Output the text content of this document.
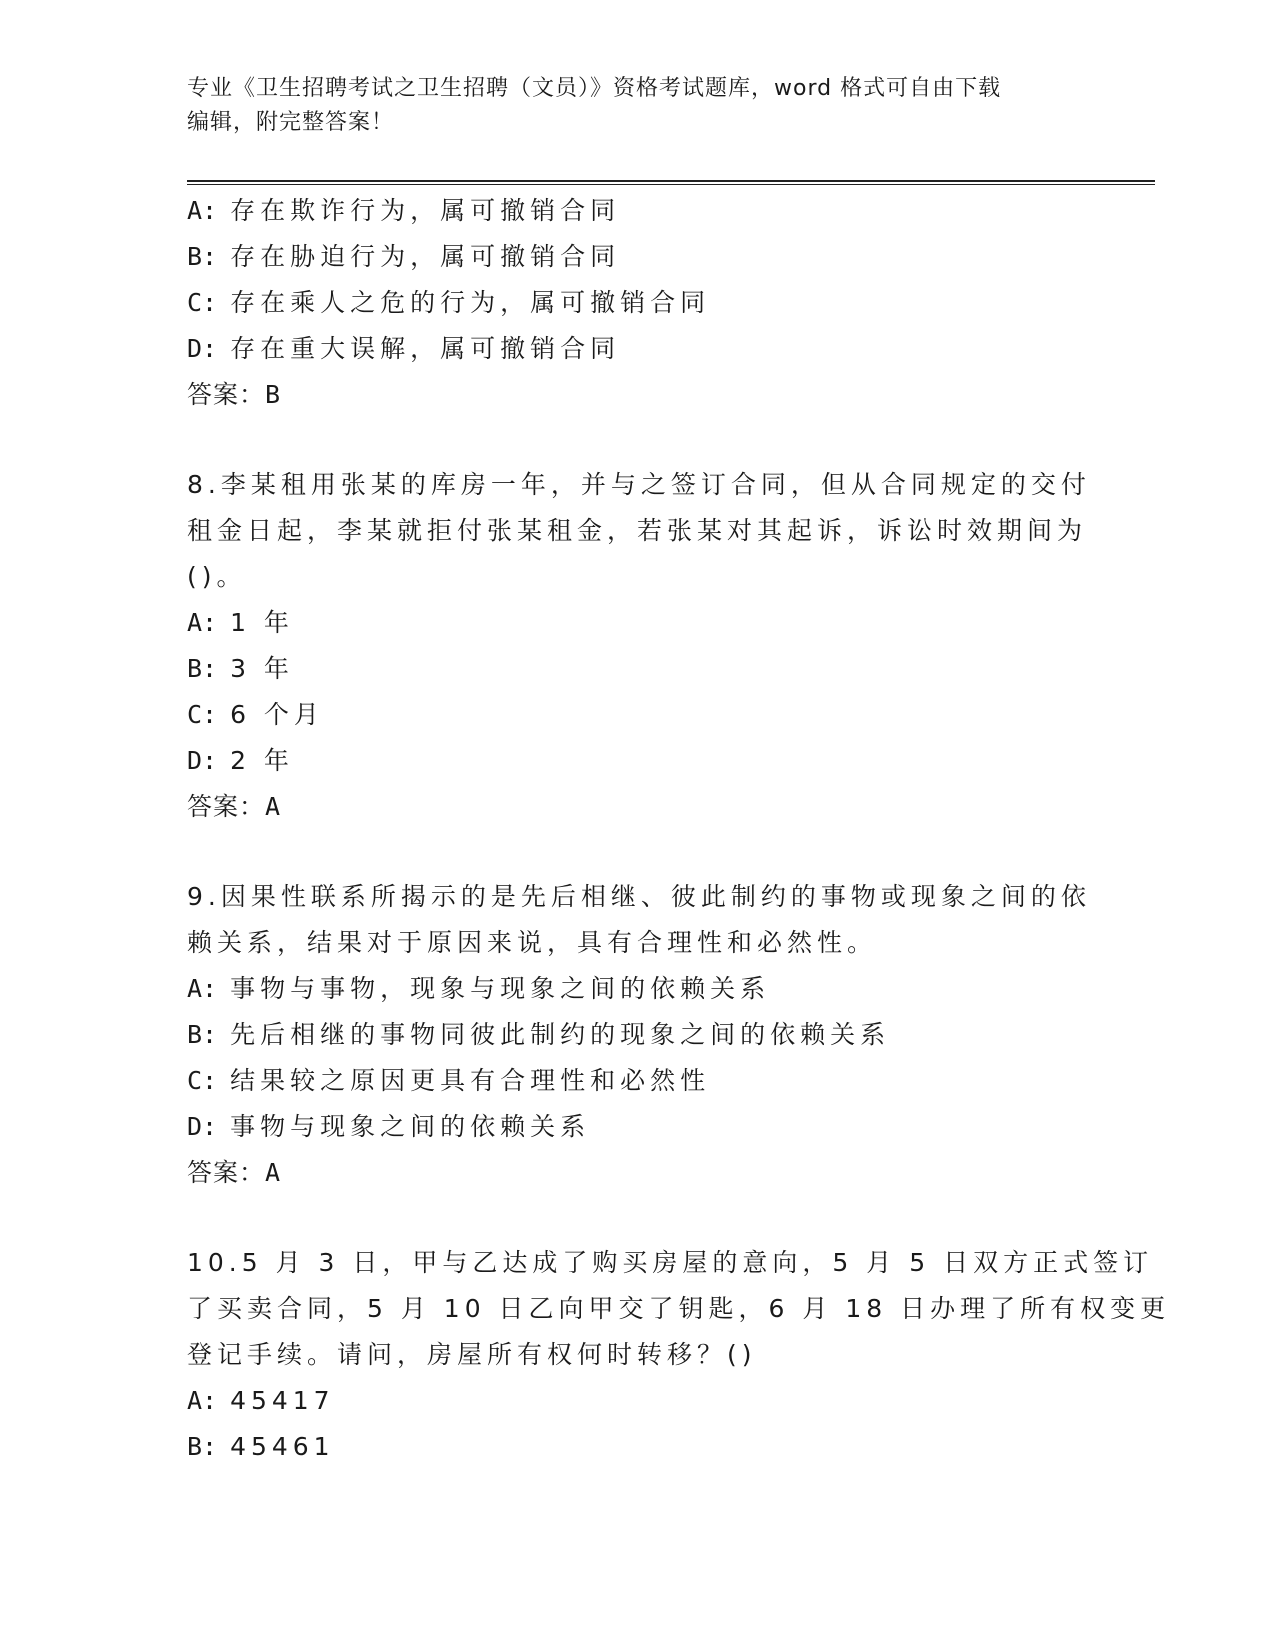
专业《卫生招聘考试之卫生招聘（文员）》资格考试题库，word 格式可自由下载
编辑，附完整答案！
A: 存在欺诈行为，属可撤销合同
B: 存在胁迫行为，属可撤销合同
C: 存在乘人之危的行为，属可撤销合同
D: 存在重大误解，属可撤销合同
答案：B
8.李某租用张某的库房一年，并与之签订合同，但从合同规定的交付
租金日起，李某就拒付张某租金，若张某对其起诉，诉讼时效期间为
()。
A: 1 年
B: 3 年
C: 6 个月
D: 2 年
答案：A
9.因果性联系所揭示的是先后相继、彼此制约的事物或现象之间的依
赖关系，结果对于原因来说，具有合理性和必然性。
A: 事物与事物，现象与现象之间的依赖关系
B: 先后相继的事物同彼此制约的现象之间的依赖关系
C: 结果较之原因更具有合理性和必然性
D: 事物与现象之间的依赖关系
答案：A
10.5 月 3 日，甲与乙达成了购买房屋的意向，5 月 5 日双方正式签订
了买卖合同，5 月 10 日乙向甲交了钥匙，6 月 18 日办理了所有权变更
登记手续。请问，房屋所有权何时转移？()
A: 45417
B: 45461
